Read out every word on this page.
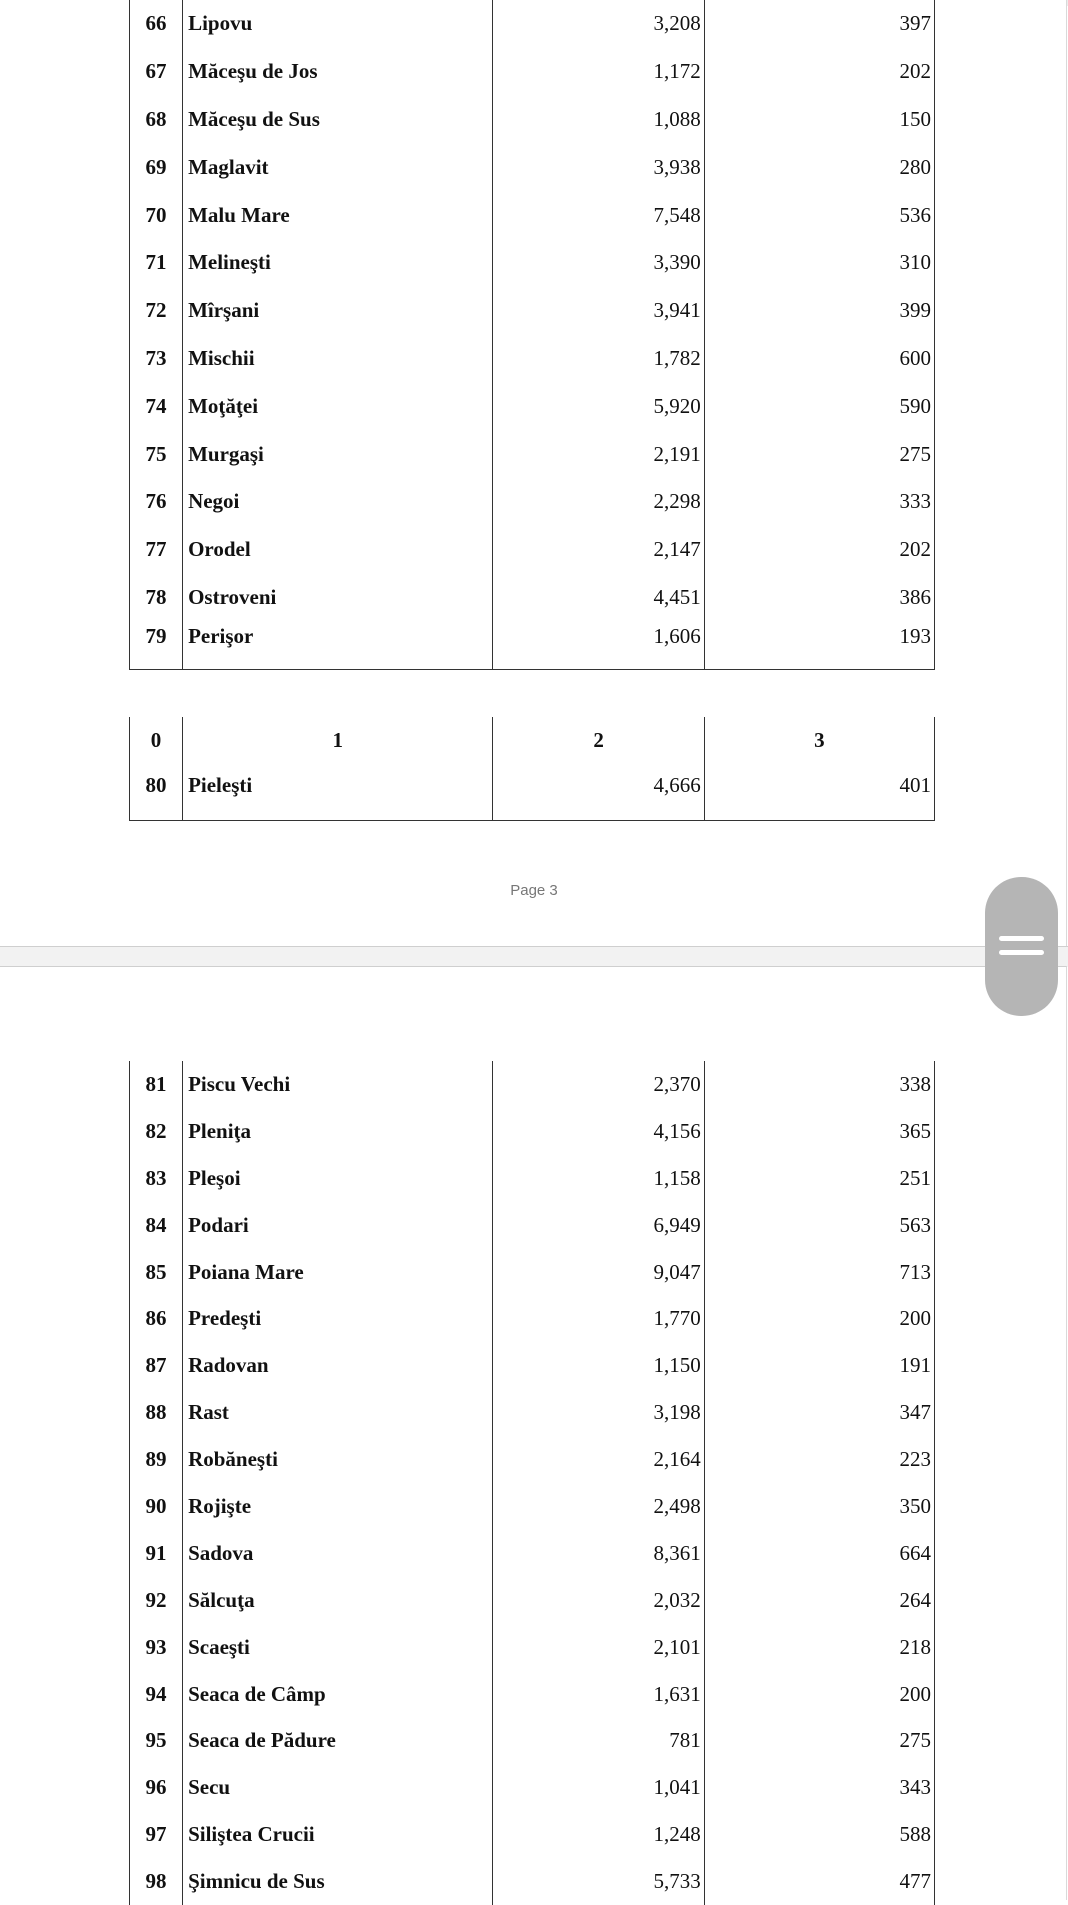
66	Lipovu	3,208	397
67	Măceşu de Jos	1,172	202
68	Măceşu de Sus	1,088	150
69	Maglavit	3,938	280
70	Malu Mare	7,548	536
71	Melineşti	3,390	310
72	Mîrşani	3,941	399
73	Mischii	1,782	600
74	Moţăţei	5,920	590
75	Murgaşi	2,191	275
76	Negoi	2,298	333
77	Orodel	2,147	202
78	Ostroveni	4,451	386
79	Perişor	1,606	193
0	1	2	3
80	Pieleşti	4,666	401
Page 3
81	Piscu Vechi	2,370	338
82	Pleniţa	4,156	365
83	Pleşoi	1,158	251
84	Podari	6,949	563
85	Poiana Mare	9,047	713
86	Predeşti	1,770	200
87	Radovan	1,150	191
88	Rast	3,198	347
89	Robăneşti	2,164	223
90	Rojişte	2,498	350
91	Sadova	8,361	664
92	Sălcuţa	2,032	264
93	Scaeşti	2,101	218
94	Seaca de Câmp	1,631	200
95	Seaca de Pădure	781	275
96	Secu	1,041	343
97	Siliştea Crucii	1,248	588
98	Şimnicu de Sus	5,733	477
